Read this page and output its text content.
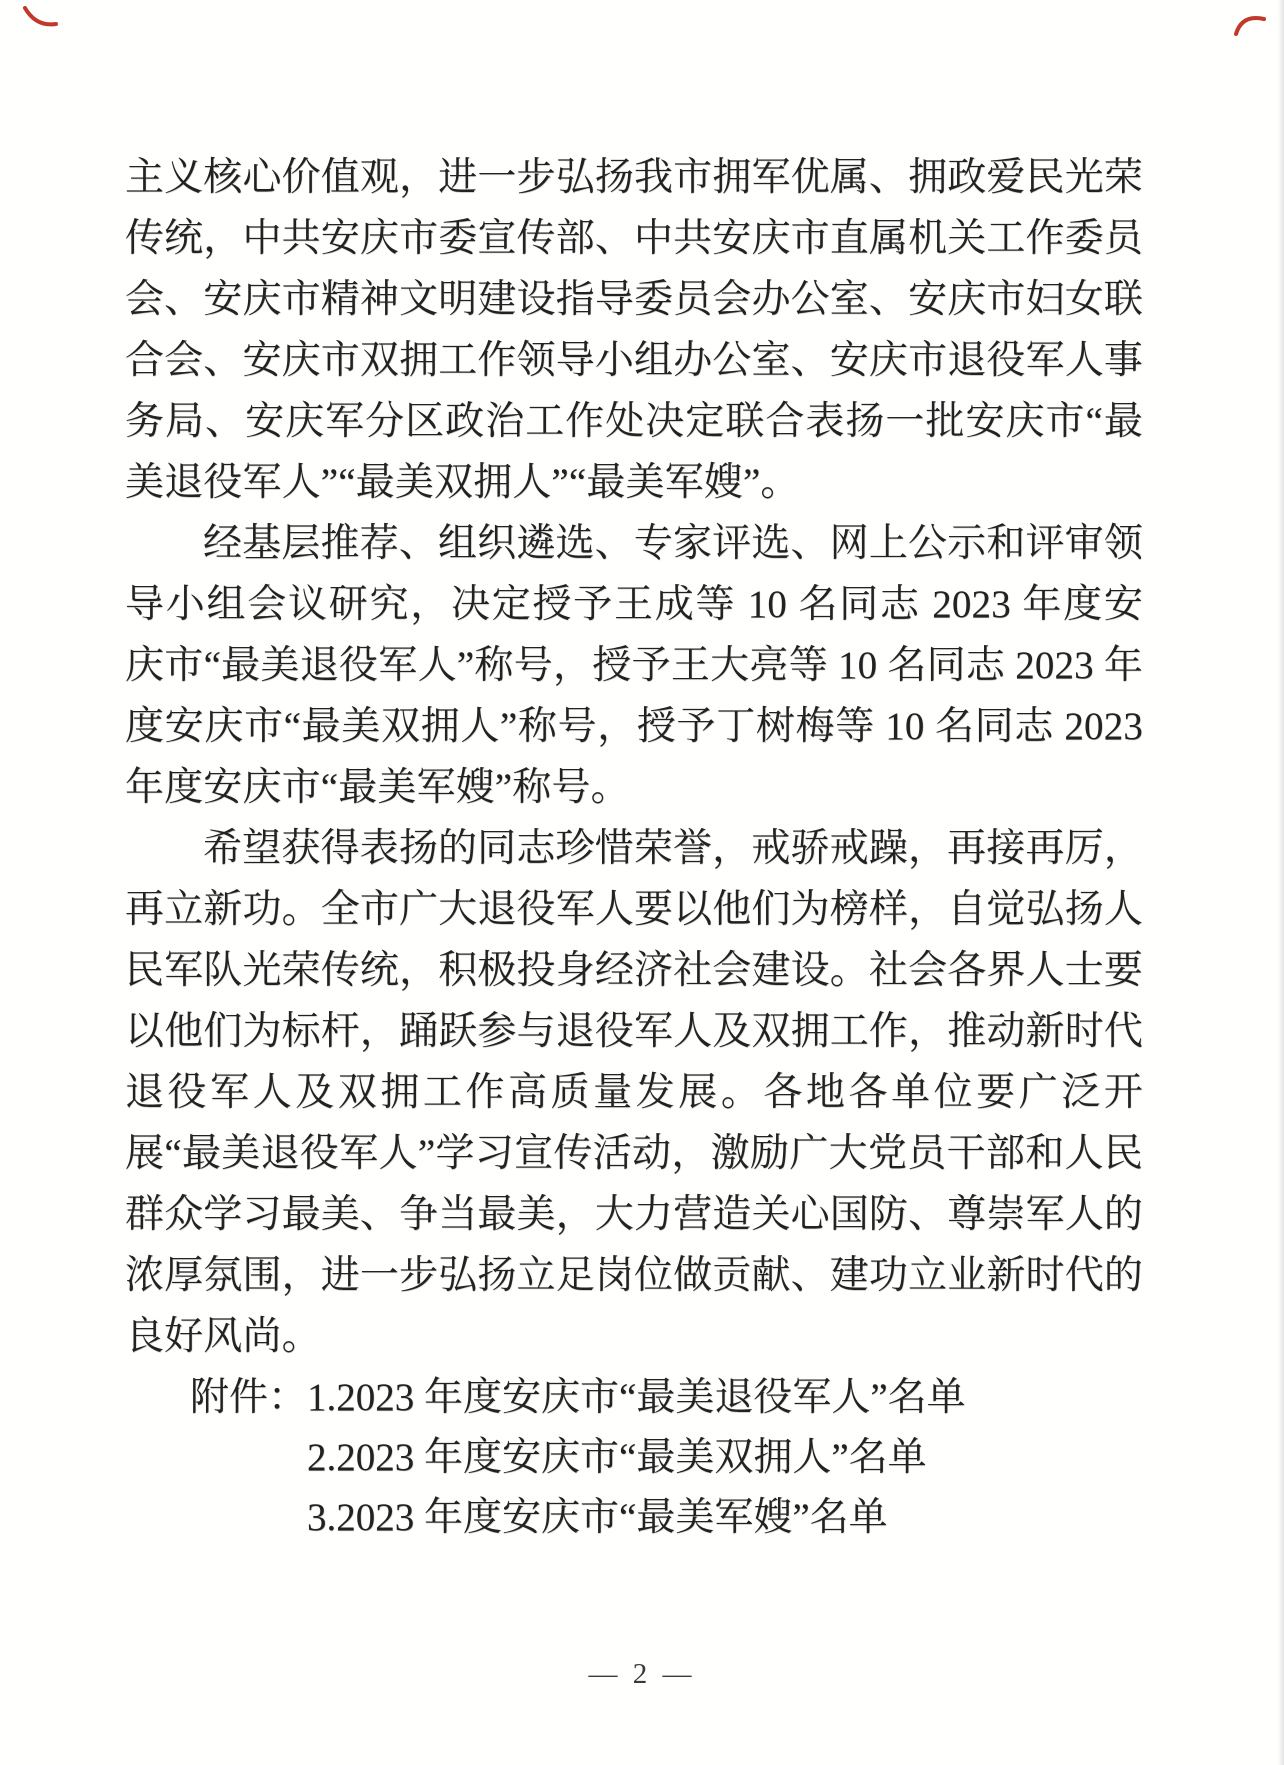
主义核心价值观，进一步弘扬我市拥军优属、拥政爱民光荣传统，中共安庆市委宣传部、中共安庆市直属机关工作委员会、安庆市精神文明建设指导委员会办公室、安庆市妇女联合会、安庆市双拥工作领导小组办公室、安庆市退役军人事务局、安庆军分区政治工作处决定联合表扬一批安庆市“最美退役军人”“最美双拥人”“最美军嫂”。

经基层推荐、组织遴选、专家评选、网上公示和评审领导小组会议研究，决定授予王成等 10 名同志 2023 年度安庆市“最美退役军人”称号，授予王大亮等 10 名同志 2023 年度安庆市“最美双拥人”称号，授予丁树梅等 10 名同志 2023 年度安庆市“最美军嫂”称号。

希望获得表扬的同志珍惜荣誉，戒骄戒躁，再接再厉，再立新功。全市广大退役军人要以他们为榜样，自觉弘扬人民军队光荣传统，积极投身经济社会建设。社会各界人士要以他们为标杆，踊跃参与退役军人及双拥工作，推动新时代退役军人及双拥工作高质量发展。各地各单位要广泛开展“最美退役军人”学习宣传活动，激励广大党员干部和人民群众学习最美、争当最美，大力营造关心国防、尊崇军人的浓厚氛围，进一步弘扬立足岗位做贡献、建功立业新时代的良好风尚。

附件： 1.2023 年度安庆市“最美退役军人”名单
2.2023 年度安庆市“最美双拥人”名单
3.2023 年度安庆市“最美军嫂”名单
— 2 —
